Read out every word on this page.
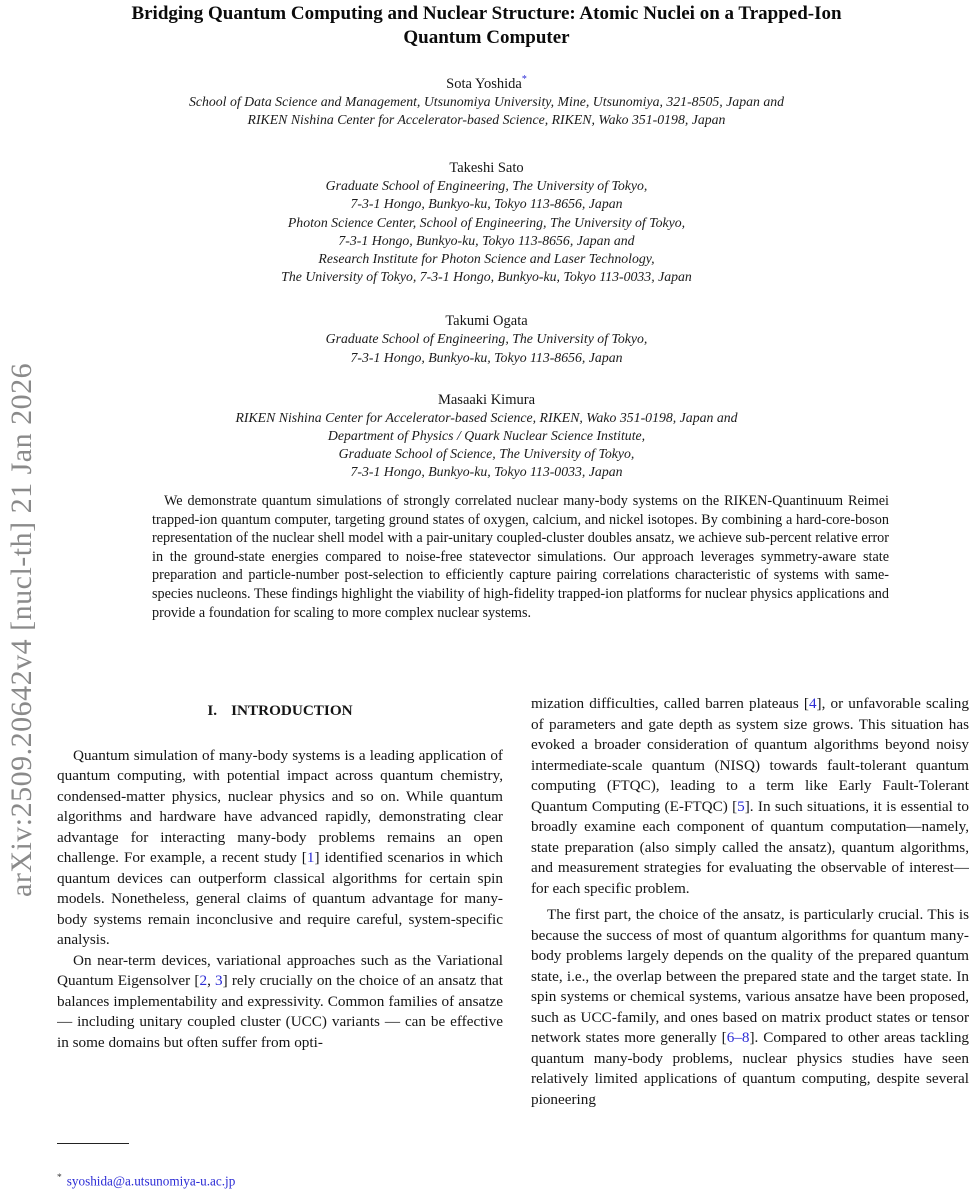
arXiv:2509.20642v4 [nucl-th] 21 Jan 2026
Bridging Quantum Computing and Nuclear Structure: Atomic Nuclei on a Trapped-Ion Quantum Computer
Sota Yoshida*
School of Data Science and Management, Utsunomiya University, Mine, Utsunomiya, 321-8505, Japan and
RIKEN Nishina Center for Accelerator-based Science, RIKEN, Wako 351-0198, Japan
Takeshi Sato
Graduate School of Engineering, The University of Tokyo,
7-3-1 Hongo, Bunkyo-ku, Tokyo 113-8656, Japan
Photon Science Center, School of Engineering, The University of Tokyo,
7-3-1 Hongo, Bunkyo-ku, Tokyo 113-8656, Japan and
Research Institute for Photon Science and Laser Technology,
The University of Tokyo, 7-3-1 Hongo, Bunkyo-ku, Tokyo 113-0033, Japan
Takumi Ogata
Graduate School of Engineering, The University of Tokyo,
7-3-1 Hongo, Bunkyo-ku, Tokyo 113-8656, Japan
Masaaki Kimura
RIKEN Nishina Center for Accelerator-based Science, RIKEN, Wako 351-0198, Japan and
Department of Physics / Quark Nuclear Science Institute,
Graduate School of Science, The University of Tokyo,
7-3-1 Hongo, Bunkyo-ku, Tokyo 113-0033, Japan
We demonstrate quantum simulations of strongly correlated nuclear many-body systems on the RIKEN-Quantinuum Reimei trapped-ion quantum computer, targeting ground states of oxygen, calcium, and nickel isotopes. By combining a hard-core-boson representation of the nuclear shell model with a pair-unitary coupled-cluster doubles ansatz, we achieve sub-percent relative error in the ground-state energies compared to noise-free statevector simulations. Our approach leverages symmetry-aware state preparation and particle-number post-selection to efficiently capture pairing correlations characteristic of systems with same-species nucleons. These findings highlight the viability of high-fidelity trapped-ion platforms for nuclear physics applications and provide a foundation for scaling to more complex nuclear systems.
I. INTRODUCTION

Quantum simulation of many-body systems is a leading application of quantum computing, with potential impact across quantum chemistry, condensed-matter physics, nuclear physics and so on. While quantum algorithms and hardware have advanced rapidly, demonstrating clear advantage for interacting many-body problems remains an open challenge. For example, a recent study [1] identified scenarios in which quantum devices can outperform classical algorithms for certain spin models. Nonetheless, general claims of quantum advantage for many-body systems remain inconclusive and require careful, system-specific analysis.

On near-term devices, variational approaches such as the Variational Quantum Eigensolver [2, 3] rely crucially on the choice of an ansatz that balances implementability and expressivity. Common families of ansatze — including unitary coupled cluster (UCC) variants — can be effective in some domains but often suffer from opti-

mization difficulties, called barren plateaus [4], or unfavorable scaling of parameters and gate depth as system size grows. This situation has evoked a broader consideration of quantum algorithms beyond noisy intermediate-scale quantum (NISQ) towards fault-tolerant quantum computing (FTQC), leading to a term like Early Fault-Tolerant Quantum Computing (E-FTQC) [5]. In such situations, it is essential to broadly examine each component of quantum computation—namely, state preparation (also simply called the ansatz), quantum algorithms, and measurement strategies for evaluating the observable of interest—for each specific problem.

The first part, the choice of the ansatz, is particularly crucial. This is because the success of most of quantum algorithms for quantum many-body problems largely depends on the quality of the prepared quantum state, i.e., the overlap between the prepared state and the target state. In spin systems or chemical systems, various ansatze have been proposed, such as UCC-family, and ones based on matrix product states or tensor network states more generally [6–8]. Compared to other areas tackling quantum many-body problems, nuclear physics studies have seen relatively limited applications of quantum computing, despite several pioneering

* syoshida@a.utsunomiya-u.ac.jp
